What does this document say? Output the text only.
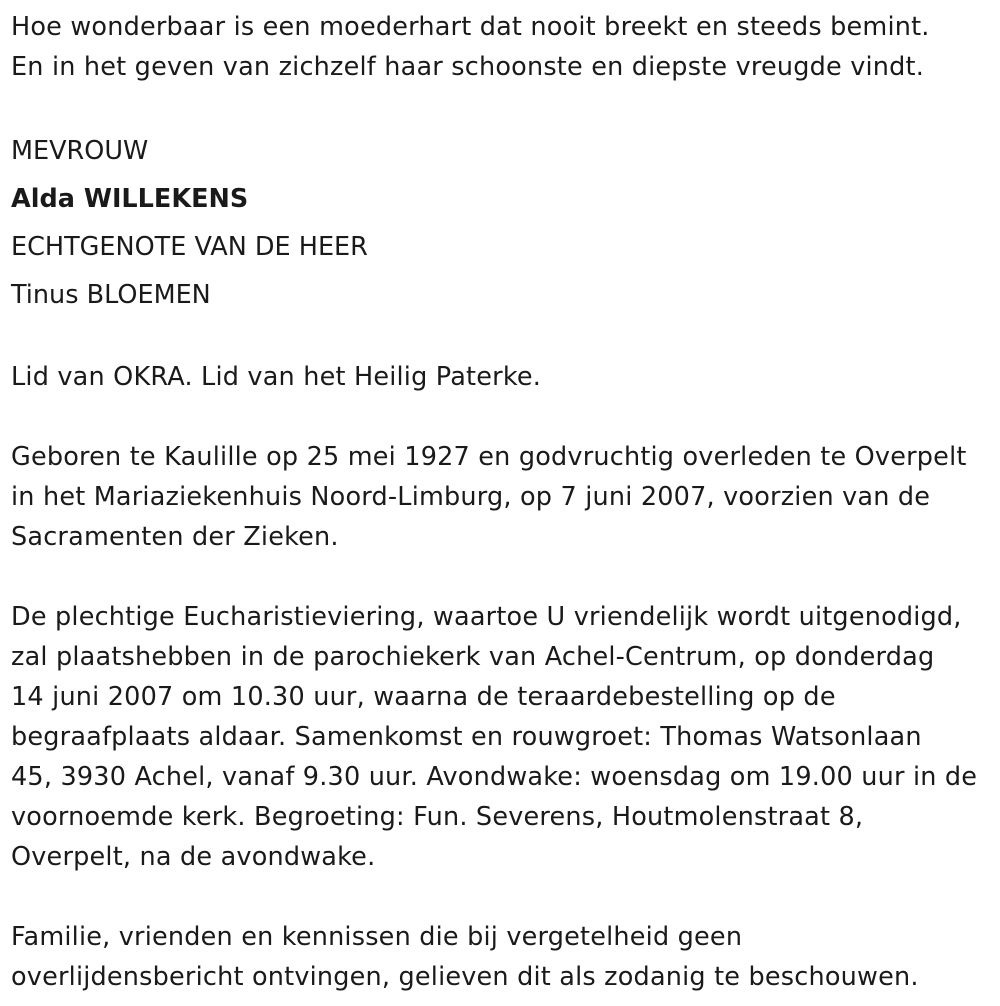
Hoe wonderbaar is een moederhart dat nooit breekt en steeds bemint.

En in het geven van zichzelf haar schoonste en diepste vreugde vindt.

MEVROUW

Alda WILLEKENS

ECHTGENOTE VAN DE HEER

Tinus BLOEMEN

Lid van OKRA. Lid van het Heilig Paterke.

Geboren te Kaulille op 25 mei 1927 en godvruchtig overleden te Overpelt

in het Mariaziekenhuis Noord-Limburg, op 7 juni 2007, voorzien van de

Sacramenten der Zieken.

De plechtige Eucharistieviering, waartoe U vriendelijk wordt uitgenodigd,

zal plaatshebben in de parochiekerk van Achel-Centrum, op donderdag

14 juni 2007 om 10.30 uur, waarna de teraardebestelling op de

begraafplaats aldaar. Samenkomst en rouwgroet: Thomas Watsonlaan

45, 3930 Achel, vanaf 9.30 uur. Avondwake: woensdag om 19.00 uur in de

voornoemde kerk. Begroeting: Fun. Severens, Houtmolenstraat 8,

Overpelt, na de avondwake.

Familie, vrienden en kennissen die bij vergetelheid geen

overlijdensbericht ontvingen, gelieven dit als zodanig te beschouwen.
